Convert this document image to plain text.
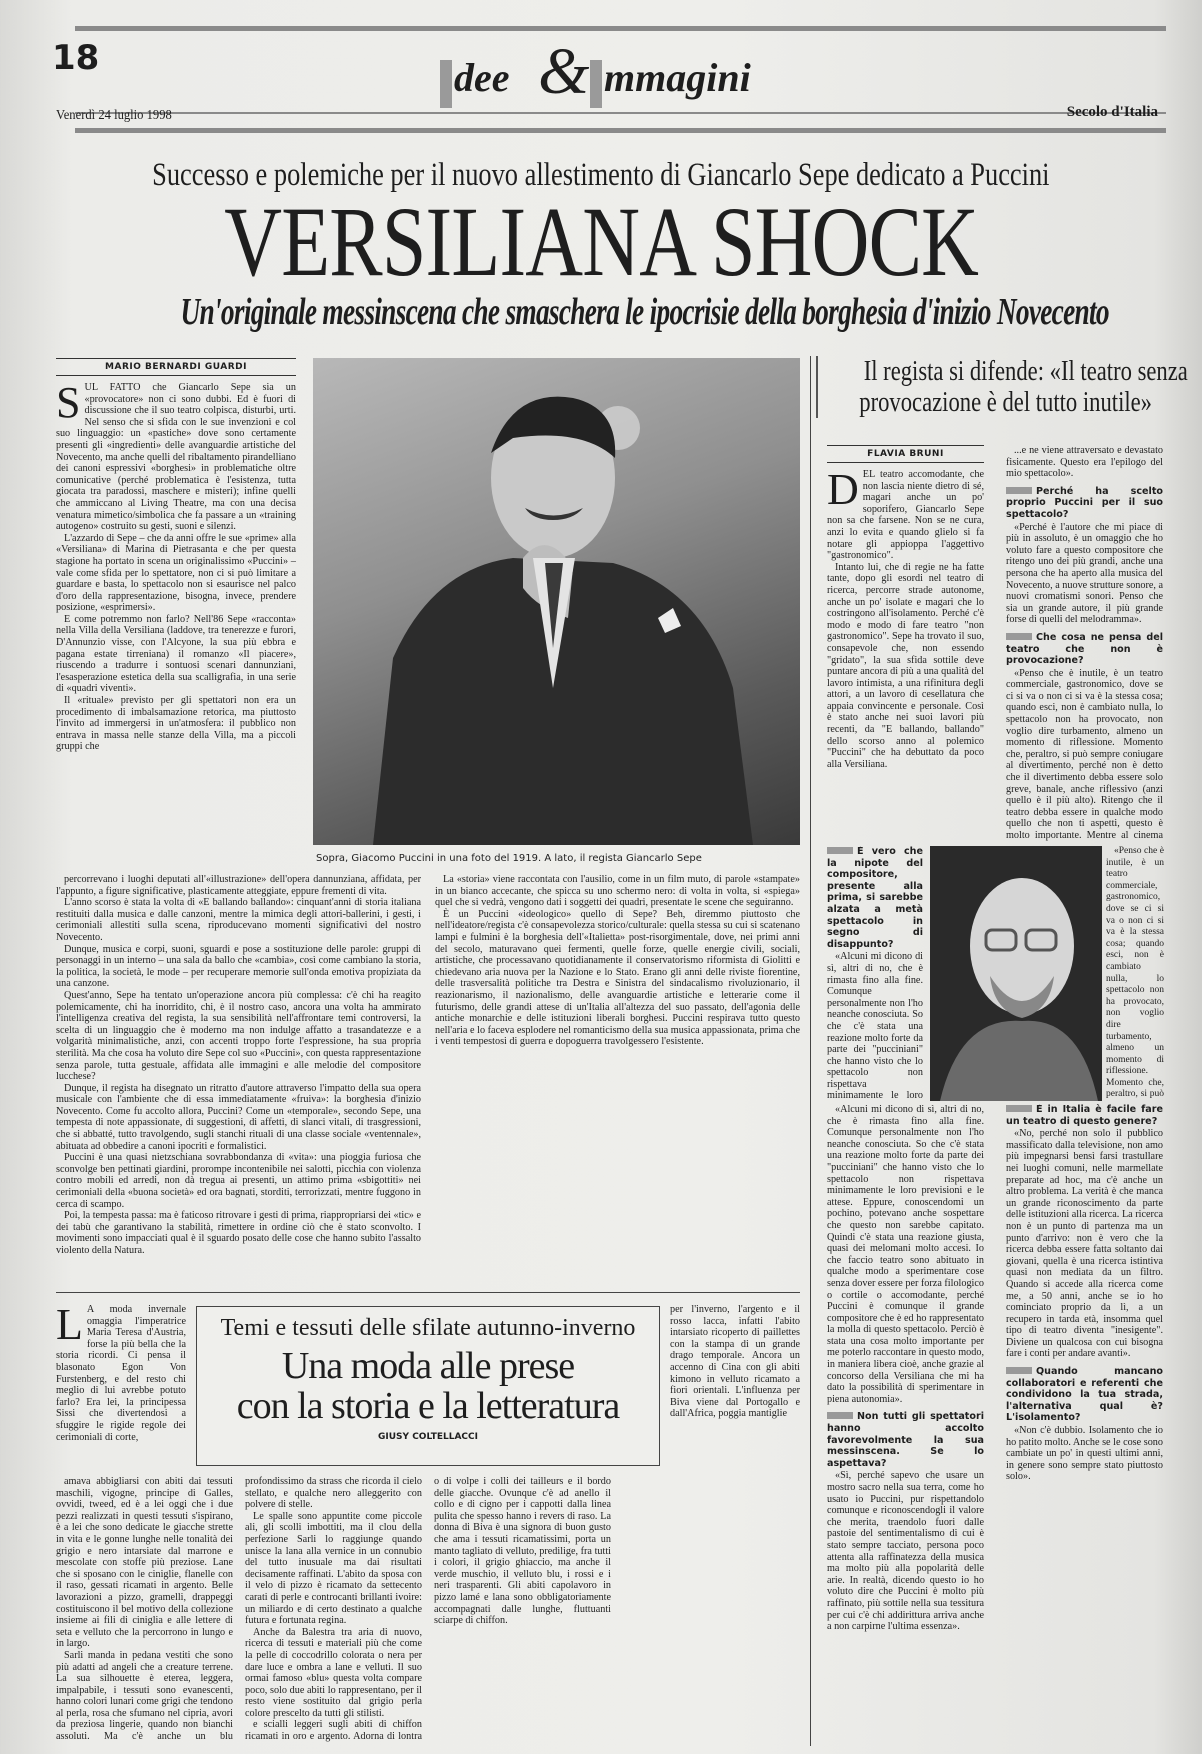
18	dee & mmagini
Venerdì 24 luglio 1998	Secolo d'Italia
Successo e polemiche per il nuovo allestimento di Giancarlo Sepe dedicato a Puccini
VERSILIANA SHOCK
Un'originale messinscena che smaschera le ipocrisie della borghesia d'inizio Novecento
MARIO BERNARDI GUARDI
S UL FATTO che Giancarlo Sepe sia un «provocatore» non ci sono dubbi. Ed è fuori di discussione che il suo teatro colpisca, disturbi, urti. Nel senso che si sfida con le sue invenzioni e col suo linguaggio: un «pastiche» dove sono certamente presenti gli «ingredienti» delle avanguardie artistiche del Novecento, ma anche quelli del ribaltamento pirandelliano dei canoni espressivi «borghesi» in problematiche oltre comunicative (perché problematica è l'esistenza, tutta giocata tra paradossi, maschere e misteri); infine quelli che ammiccano al Living Theatre, ma con una decisa venatura mimetico/simbolica che fa passare a un «training autogeno» costruito su gesti, suoni e silenzi.

L'azzardo di Sepe – che da anni offre le sue «prime» alla «Versiliana» di Marina di Pietrasanta e che per questa stagione ha portato in scena un originalissimo «Puccini» – vale come sfida per lo spettatore, non ci si può limitare a guardare e basta, lo spettacolo non si esaurisce nel palco d'oro della rappresentazione, bisogna, invece, prendere posizione, «esprimersi».

E come potremmo non farlo? Nell'86 Sepe «racconta» nella Villa della Versiliana (laddove, tra tenerezze e furori, D'Annunzio visse, con l'Alcyone, la sua più ebbra e pagana estate tirreniana) il romanzo «Il piacere», riuscendo a tradurre i sontuosi scenari dannunziani, l'esasperazione estetica della sua scalligrafia, in una serie di «quadri viventi».

Il «rituale» previsto per gli spettatori non era un procedimento di imbalsamazione retorica, ma piuttosto l'invito ad immergersi in un'atmosfera: il pubblico non entrava in massa nelle stanze della Villa, ma a piccoli gruppi che

Sopra, Giacomo Puccini in una foto del 1919. A lato, il regista Giancarlo Sepe

percorrevano i luoghi deputati all'«illustrazione» dell'opera dannunziana, affidata, per l'appunto, a figure significative, plasticamente atteggiate, eppure frementi di vita.

L'anno scorso è stata la volta di «E ballando ballando»: cinquant'anni di storia italiana restituiti dalla musica e dalle canzoni, mentre la mimica degli attori-ballerini, i gesti, i cerimoniali allestiti sulla scena, riproducevano momenti significativi del nostro Novecento.

Dunque, musica e corpi, suoni, sguardi e pose a sostituzione delle parole: gruppi di personaggi in un interno – una sala da ballo che «cambia», così come cambiano la storia, la politica, la società, le mode – per recuperare memorie sull'onda emotiva propiziata da una canzone.

Quest'anno, Sepe ha tentato un'operazione ancora più complessa: c'è chi ha reagito polemicamente, chi ha inorridito, chi, è il nostro caso, ancora una volta ha ammirato l'intelligenza creativa del regista, la sua sensibilità nell'affrontare temi controversi, la scelta di un linguaggio che è moderno ma non indulge affatto a trasandatezze e a volgarità minimalistiche, anzi, con accenti troppo forte l'espressione, ha sua propria sterilità. Ma che cosa ha voluto dire Sepe col suo «Puccini», con questa rappresentazione senza parole, tutta gestuale, affidata alle immagini e alle melodie del compositore lucchese?

Dunque, il regista ha disegnato un ritratto d'autore attraverso l'impatto della sua opera musicale con l'ambiente che di essa immediatamente «fruiva»: la borghesia d'inizio Novecento. Come fu accolto allora, Puccini? Come un «temporale», secondo Sepe, una tempesta di note appassionate, di suggestioni, di affetti, di slanci vitali, di trasgressioni, che si abbatté, tutto travolgendo, sugli stanchi rituali di una classe sociale «ventennale», abituata ad obbedire a canoni ipocriti e formalistici.

Puccini è una quasi nietzschiana sovrabbondanza di «vita»: una pioggia furiosa che sconvolge ben pettinati giardini, prorompe incontenibile nei salotti, picchia con violenza contro mobili ed arredi, non dà tregua ai presenti, un attimo prima «sbigottiti» nei cerimoniali della «buona società» ed ora bagnati, storditi, terrorizzati, mentre fuggono in cerca di scampo.

Poi, la tempesta passa: ma è faticoso ritrovare i gesti di prima, riappropriarsi dei «tic» e dei tabù che garantivano la stabilità, rimettere in ordine ciò che è stato sconvolto. I movimenti sono impacciati qual è il sguardo posato delle cose che hanno subito l'assalto violento della Natura.

La «storia» viene raccontata con l'ausilio, come in un film muto, di parole «stampate» in un bianco accecante, che spicca su uno schermo nero: di volta in volta, si «spiega» quel che si vedrà, vengono dati i soggetti dei quadri, presentate le scene che seguiranno.

È un Puccini «ideologico» quello di Sepe? Beh, diremmo piuttosto che nell'ideatore/regista c'è consapevolezza storico/culturale: quella stessa su cui si scatenano lampi e fulmini è la borghesia dell'«Italietta» post-risorgimentale, dove, nei primi anni del secolo, maturavano quei fermenti, quelle forze, quelle energie civili, sociali, artistiche, che processavano quotidianamente il conservatorismo riformista di Giolitti e chiedevano aria nuova per la Nazione e lo Stato. Erano gli anni delle riviste fiorentine, delle trasversalità politiche tra Destra e Sinistra del sindacalismo rivoluzionario, il reazionarismo, il nazionalismo, delle avanguardie artistiche e letterarie come il futurismo, delle grandi attese di un'Italia all'altezza del suo passato, dell'agonia delle antiche monarchie e delle istituzioni liberali borghesi. Puccini respirava tutto questo nell'aria e lo faceva esplodere nel romanticismo della sua musica appassionata, prima che i venti tempestosi di guerra e dopoguerra travolgessero l'esistente.

Il regista si difende: «Il teatro senza
provocazione è del tutto inutile»
FLAVIA BRUNI
D EL teatro accomodante, che non lascia niente dietro di sé, magari anche un po' soporifero, Giancarlo Sepe non sa che farsene. Non se ne cura, anzi lo evita e quando glielo si fa notare gli appioppa l'aggettivo "gastronomico".

Intanto lui, che di regie ne ha fatte tante, dopo gli esordi nel teatro di ricerca, percorre strade autonome, anche un po' isolate e magari che lo costringono all'isolamento. Perché c'è modo e modo di fare teatro "non gastronomico". Sepe ha trovato il suo, consapevole che, non essendo "gridato", la sua sfida sottile deve puntare ancora di più a una qualità del lavoro intimista, a una rifinitura degli attori, a un lavoro di cesellatura che appaia convincente e personale. Così è stato anche nei suoi lavori più recenti, da "E ballando, ballando" dello scorso anno al polemico "Puccini" che ha debuttato da poco alla Versiliana.

...e ne viene attraversato e devastato fisicamente. Questo era l'epilogo del mio spettacolo».

Perché ha scelto proprio Puccini per il suo spettacolo?

«Perché è l'autore che mi piace di più in assoluto, è un omaggio che ho voluto fare a questo compositore che ritengo uno dei più grandi, anche una persona che ha aperto alla musica del Novecento, a nuove strutture sonore, a nuovi cromatismi sonori. Penso che sia un grande autore, il più grande forse di quelli del melodramma».

Che cosa ne pensa del teatro che non è provocazione?

«Penso che è inutile, è un teatro commerciale, gastronomico, dove se ci si va o non ci si va è la stessa cosa; quando esci, non è cambiato nulla, lo spettacolo non ha provocato, non voglio dire turbamento, almeno un momento di riflessione. Momento che, peraltro, si può sempre coniugare al divertimento, perché non è detto che il divertimento debba essere solo greve, banale, anche riflessivo (anzi quello è il più alto). Ritengo che il teatro debba essere in qualche modo quello che non ti aspetti, questo è molto importante. Mentre al cinema

È vero che la nipote del compositore, presente alla prima, si sarebbe alzata a metà spettacolo in segno di disappunto?

«Alcuni mi dicono di sì, altri di no, che è rimasta fino alla fine. Comunque personalmente non l'ho neanche conosciuta. So che c'è stata una reazione molto forte da parte dei "pucciniani" che hanno visto che lo spettacolo non rispettava minimamente le loro

«Penso che è inutile, è un teatro commerciale, gastronomico, dove se ci si va o non ci si va è la stessa cosa; quando esci, non è cambiato nulla, lo spettacolo non ha provocato, non voglio dire turbamento, almeno un momento di riflessione. Momento che, peraltro, si può

«Alcuni mi dicono di sì, altri di no, che è rimasta fino alla fine. Comunque personalmente non l'ho neanche conosciuta. So che c'è stata una reazione molto forte da parte dei "pucciniani" che hanno visto che lo spettacolo non rispettava minimamente le loro previsioni e le attese. Eppure, conoscendomi un pochino, potevano anche sospettare che questo non sarebbe capitato. Quindi c'è stata una reazione giusta, quasi dei melomani molto accesi. Io che faccio teatro sono abituato in qualche modo a sperimentare cose senza dover essere per forza filologico o cortile o accomodante, perché Puccini è comunque il grande compositore che è ed ho rappresentato la molla di questo spettacolo. Perciò è stata una cosa molto importante per me poterlo raccontare in questo modo, in maniera libera cioè, anche grazie al concorso della Versiliana che mi ha dato la possibilità di sperimentare in piena autonomia».

Non tutti gli spettatori hanno accolto favorevolmente la sua messinscena. Se lo aspettava?

«Sì, perché sapevo che usare un mostro sacro nella sua terra, come ho usato io Puccini, pur rispettandolo comunque e riconoscendogli il valore che merita, traendolo fuori dalle pastoie del sentimentalismo di cui è stato sempre tacciato, persona poco attenta alla raffinatezza della musica ma molto più alla popolarità delle arie. In realtà, dicendo questo io ho voluto dire che Puccini è molto più raffinato, più sottile nella sua tessitura per cui c'è chi addirittura arriva anche a non carpirne l'ultima essenza».

È in Italia è facile fare un teatro di questo genere?

«No, perché non solo il pubblico massificato dalla televisione, non amo più impegnarsi bensì farsi trastullare nei luoghi comuni, nelle marmellate preparate ad hoc, ma c'è anche un altro problema. La verità è che manca un grande riconoscimento da parte delle istituzioni alla ricerca. La ricerca non è un punto di partenza ma un punto d'arrivo: non è vero che la ricerca debba essere fatta soltanto dai giovani, quella è una ricerca istintiva quasi non mediata da un filtro. Quando si accede alla ricerca come me, a 50 anni, anche se io ho cominciato proprio da lì, a un recupero in tarda età, insomma quel tipo di teatro diventa "inesigente". Diviene un qualcosa con cui bisogna fare i conti per andare avanti».

Quando mancano collaboratori e referenti che condividono la tua strada, l'alternativa qual è? L'isolamento?

«Non c'è dubbio. Isolamento che io ho patito molto. Anche se le cose sono cambiate un po' in questi ultimi anni, in genere sono sempre stato piuttosto solo».

L A moda invernale omaggia l'imperatrice Maria Teresa d'Austria, forse la più bella che la storia ricordi. Ci pensa il blasonato Egon Von Furstenberg, e del resto chi meglio di lui avrebbe potuto farlo? Era lei, la principessa Sissi che divertendosi a sfuggire le rigide regole dei cerimoniali di corte,

Temi e tessuti delle sfilate autunno-inverno
Una moda alle prese
con la storia e la letteratura
GIUSY COLTELLACCI

per l'inverno, l'argento e il rosso lacca, infatti l'abito intarsiato ricoperto di paillettes con la stampa di un grande drago temporale. Ancora un accenno di Cina con gli abiti kimono in velluto ricamato a fiori orientali. L'influenza per Biva viene dal Portogallo e dall'Africa, poggia mantiglie

amava abbigliarsi con abiti dai tessuti maschili, vigogne, principe di Galles, ovvidi, tweed, ed è a lei oggi che i due pezzi realizzati in questi tessuti s'ispirano, è a lei che sono dedicate le giacche strette in vita e le gonne lunghe nelle tonalità dei grigio e nero intarsiate dal marrone e mescolate con stoffe più preziose. Lane che si sposano con le ciniglie, flanelle con il raso, gessati ricamati in argento. Belle lavorazioni a pizzo, gramelli, drappeggi costituiscono il bel motivo della collezione insieme ai fili di ciniglia e alle lettere di seta e velluto che la percorrono in lungo e in largo.

Sarli manda in pedana vestiti che sono più adatti ad angeli che a creature terrene. La sua silhouette è eterea, leggera, impalpabile, i tessuti sono evanescenti, hanno colori lunari come grigi che tendono al perla, rosa che sfumano nel cipria, avori da preziosa lingerie, quando non bianchi assoluti. Ma c'è anche un blu profondissimo da strass che ricorda il cielo stellato, e qualche nero alleggerito con polvere di stelle.

Le spalle sono appuntite come piccole ali, gli scolli imbottiti, ma il clou della perfezione Sarli lo raggiunge quando unisce la lana alla vernice in un connubio del tutto inusuale ma dai risultati decisamente raffinati. L'abito da sposa con il velo di pizzo è ricamato da settecento carati di perle e controcanti brillanti ivoire: un miliardo e di certo destinato a qualche futura e fortunata regina.

Anche da Balestra tra aria di nuovo, ricerca di tessuti e materiali più che come la pelle di coccodrillo colorata o nera per dare luce e ombra a lane e velluti. Il suo ormai famoso «blu» questa volta compare poco, solo due abiti lo rappresentano, per il resto viene sostituito dal grigio perla colore prescelto da tutti gli stilisti.

e scialli leggeri sugli abiti di chiffon ricamati in oro e argento. Adorna di lontra o di volpe i colli dei tailleurs e il bordo delle giacche. Ovunque c'è ad anello il collo e di cigno per i cappotti dalla linea pulita che spesso hanno i revers di raso. La donna di Biva è una signora di buon gusto che ama i tessuti ricamatissimi, porta un manto tagliato di velluto, predilige, fra tutti i colori, il grigio ghiaccio, ma anche il verde muschio, il velluto blu, i rossi e i neri trasparenti. Gli abiti capolavoro in pizzo lamé e lana sono obbligatoriamente accompagnati dalle lunghe, fluttuanti sciarpe di chiffon.
